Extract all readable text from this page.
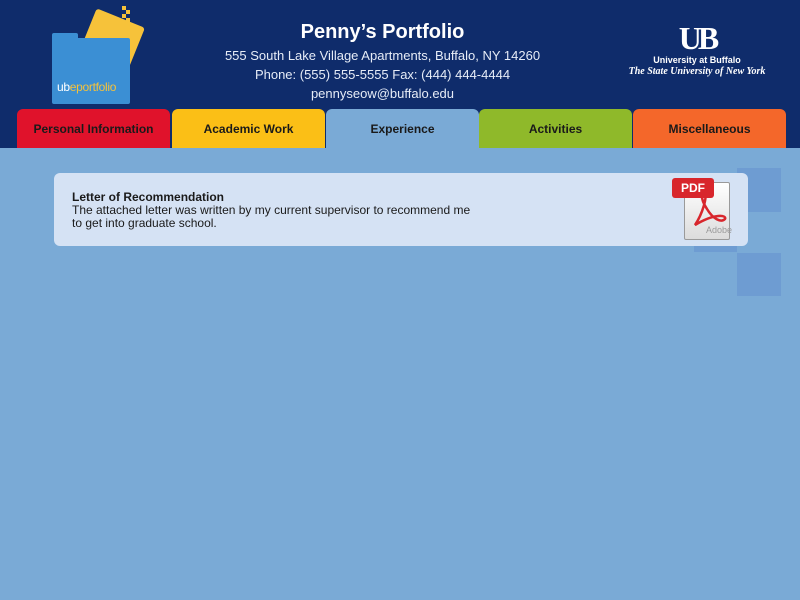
ubeportfolio
Penny’s Portfolio
555 South Lake Village Apartments, Buffalo, NY 14260
Phone: (555) 555-5555 Fax: (444) 444-4444
pennyseow@buffalo.edu
UB
University at Buffalo
The State University of New York
Personal Information	Academic Work	Experience	Activities	Miscellaneous
Letter of Recommendation
The attached letter was written by my current supervisor to recommend me to get into graduate school.
PDF
Adobe
